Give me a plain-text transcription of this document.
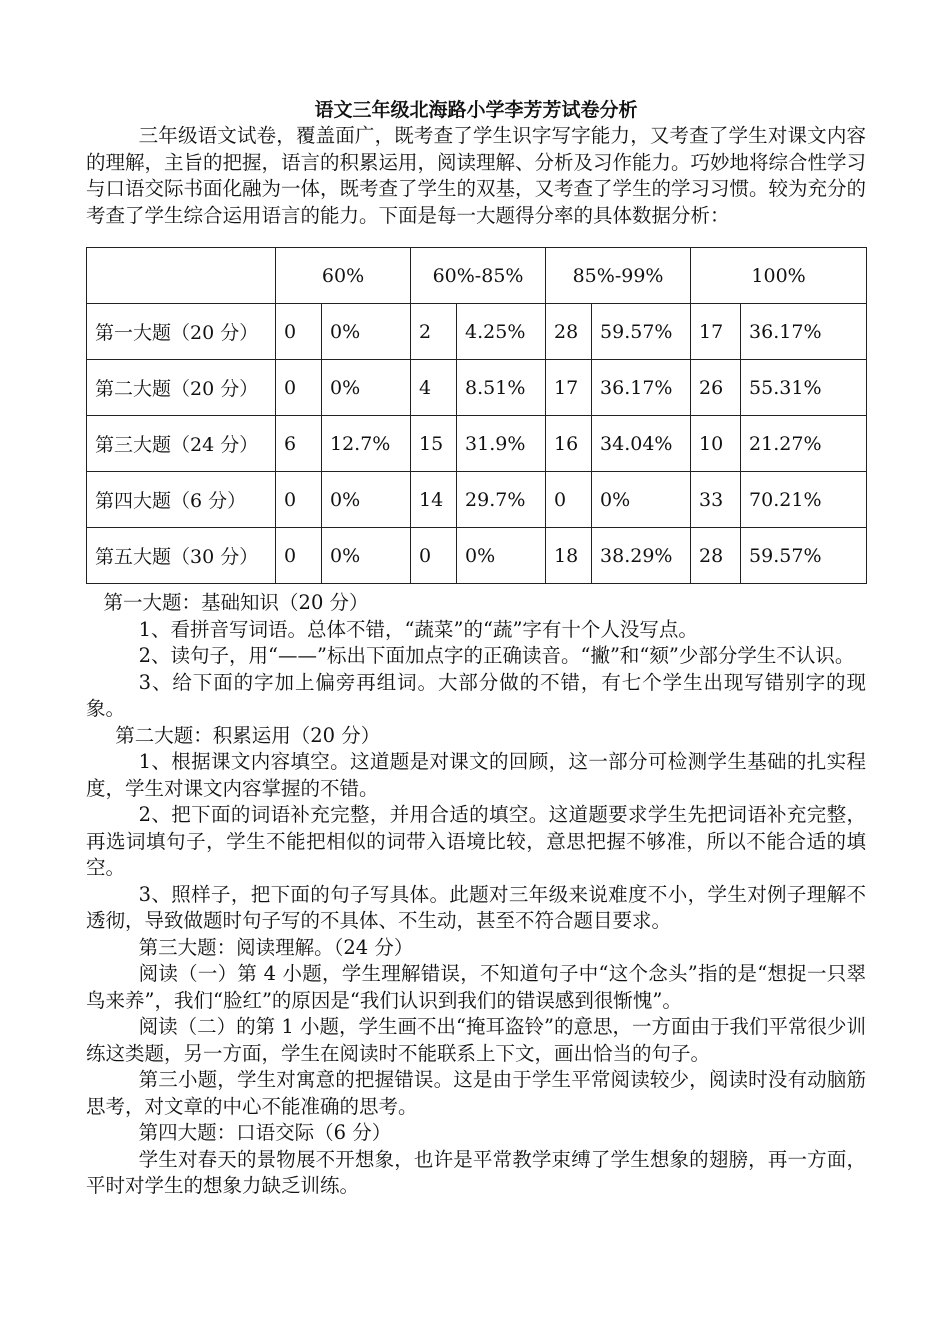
语文三年级北海路小学李芳芳试卷分析

三年级语文试卷，覆盖面广，既考查了学生识字写字能力，又考查了学生对课文内容的理解，主旨的把握，语言的积累运用，阅读理解、分析及习作能力。巧妙地将综合性学习与口语交际书面化融为一体，既考查了学生的双基，又考查了学生的学习习惯。较为充分的考查了学生综合运用语言的能力。下面是每一大题得分率的具体数据分析：

	60%		60%-85%		85%-99%		100%	
第一大题（20 分）	0	0%	2	4.25%	28	59.57%	17	36.17%
第二大题（20 分）	0	0%	4	8.51%	17	36.17%	26	55.31%
第三大题（24 分）	6	12.7%	15	31.9%	16	34.04%	10	21.27%
第四大题（6 分）	0	0%	14	29.7%	0	0%	33	70.21%
第五大题（30 分）	0	0%	0	0%	18	38.29%	28	59.57%

第一大题：基础知识（20 分）

1、看拼音写词语。总体不错，“蔬菜”的“蔬”字有十个人没写点。

2、读句子，用“——”标出下面加点字的正确读音。“撇”和“颏”少部分学生不认识。

3、给下面的字加上偏旁再组词。大部分做的不错，有七个学生出现写错别字的现象。

第二大题：积累运用（20 分）

1、根据课文内容填空。这道题是对课文的回顾，这一部分可检测学生基础的扎实程度，学生对课文内容掌握的不错。

2、把下面的词语补充完整，并用合适的填空。这道题要求学生先把词语补充完整，再选词填句子，学生不能把相似的词带入语境比较，意思把握不够准，所以不能合适的填空。

3、照样子，把下面的句子写具体。此题对三年级来说难度不小，学生对例子理解不透彻，导致做题时句子写的不具体、不生动，甚至不符合题目要求。

第三大题：阅读理解。（24 分）

阅读（一）第 4 小题，学生理解错误，不知道句子中“这个念头”指的是“想捉一只翠鸟来养”，我们“脸红”的原因是“我们认识到我们的错误感到很惭愧”。

阅读（二）的第 1 小题，学生画不出“掩耳盗铃”的意思，一方面由于我们平常很少训练这类题，另一方面，学生在阅读时不能联系上下文，画出恰当的句子。

第三小题，学生对寓意的把握错误。这是由于学生平常阅读较少，阅读时没有动脑筋思考，对文章的中心不能准确的思考。

第四大题：口语交际（6 分）

学生对春天的景物展不开想象，也许是平常教学束缚了学生想象的翅膀，再一方面，平时对学生的想象力缺乏训练。
